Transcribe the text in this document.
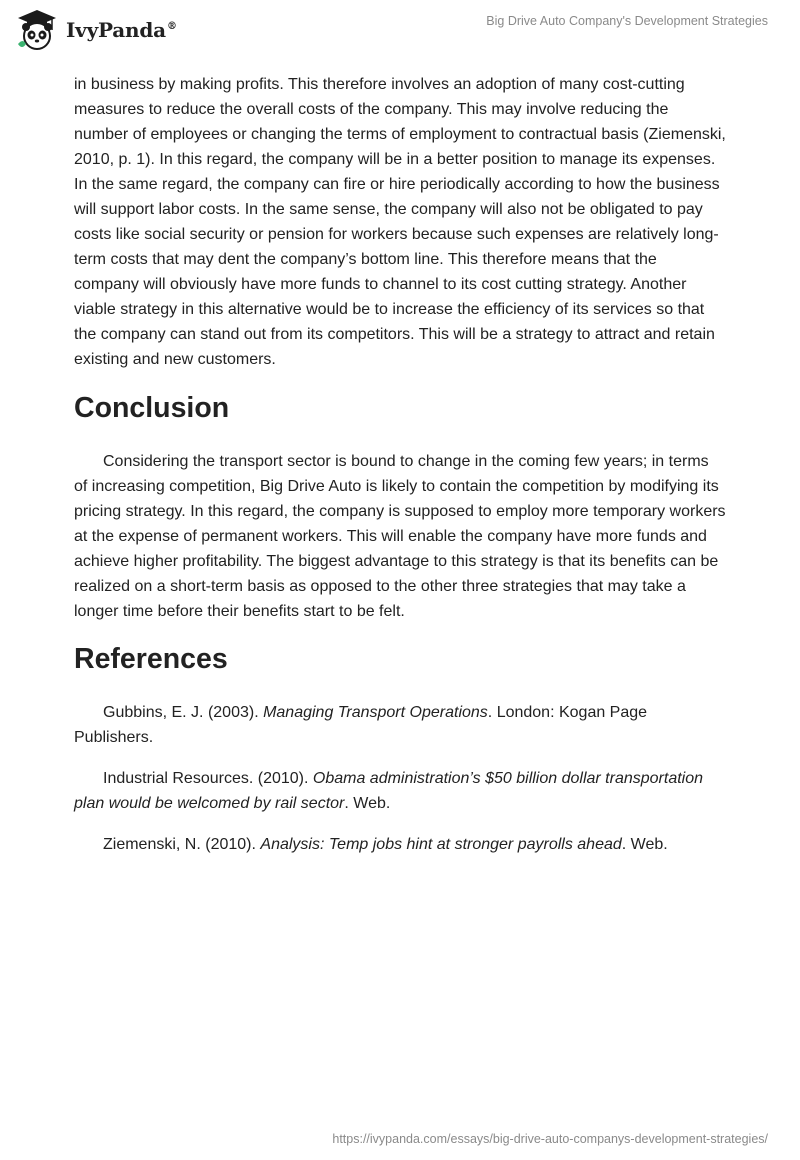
IvyPanda®	Big Drive Auto Company's Development Strategies

in business by making profits. This therefore involves an adoption of many cost-cutting measures to reduce the overall costs of the company. This may involve reducing the number of employees or changing the terms of employment to contractual basis (Ziemenski, 2010, p. 1). In this regard, the company will be in a better position to manage its expenses. In the same regard, the company can fire or hire periodically according to how the business will support labor costs. In the same sense, the company will also not be obligated to pay costs like social security or pension for workers because such expenses are relatively long-term costs that may dent the company’s bottom line. This therefore means that the company will obviously have more funds to channel to its cost cutting strategy. Another viable strategy in this alternative would be to increase the efficiency of its services so that the company can stand out from its competitors. This will be a strategy to attract and retain existing and new customers.

Conclusion

Considering the transport sector is bound to change in the coming few years; in terms of increasing competition, Big Drive Auto is likely to contain the competition by modifying its pricing strategy. In this regard, the company is supposed to employ more temporary workers at the expense of permanent workers. This will enable the company have more funds and achieve higher profitability. The biggest advantage to this strategy is that its benefits can be realized on a short-term basis as opposed to the other three strategies that may take a longer time before their benefits start to be felt.

References

Gubbins, E. J. (2003). Managing Transport Operations. London: Kogan Page Publishers.

Industrial Resources. (2010). Obama administration’s $50 billion dollar transportation plan would be welcomed by rail sector. Web.

Ziemenski, N. (2010). Analysis: Temp jobs hint at stronger payrolls ahead. Web.

https://ivypanda.com/essays/big-drive-auto-companys-development-strategies/
